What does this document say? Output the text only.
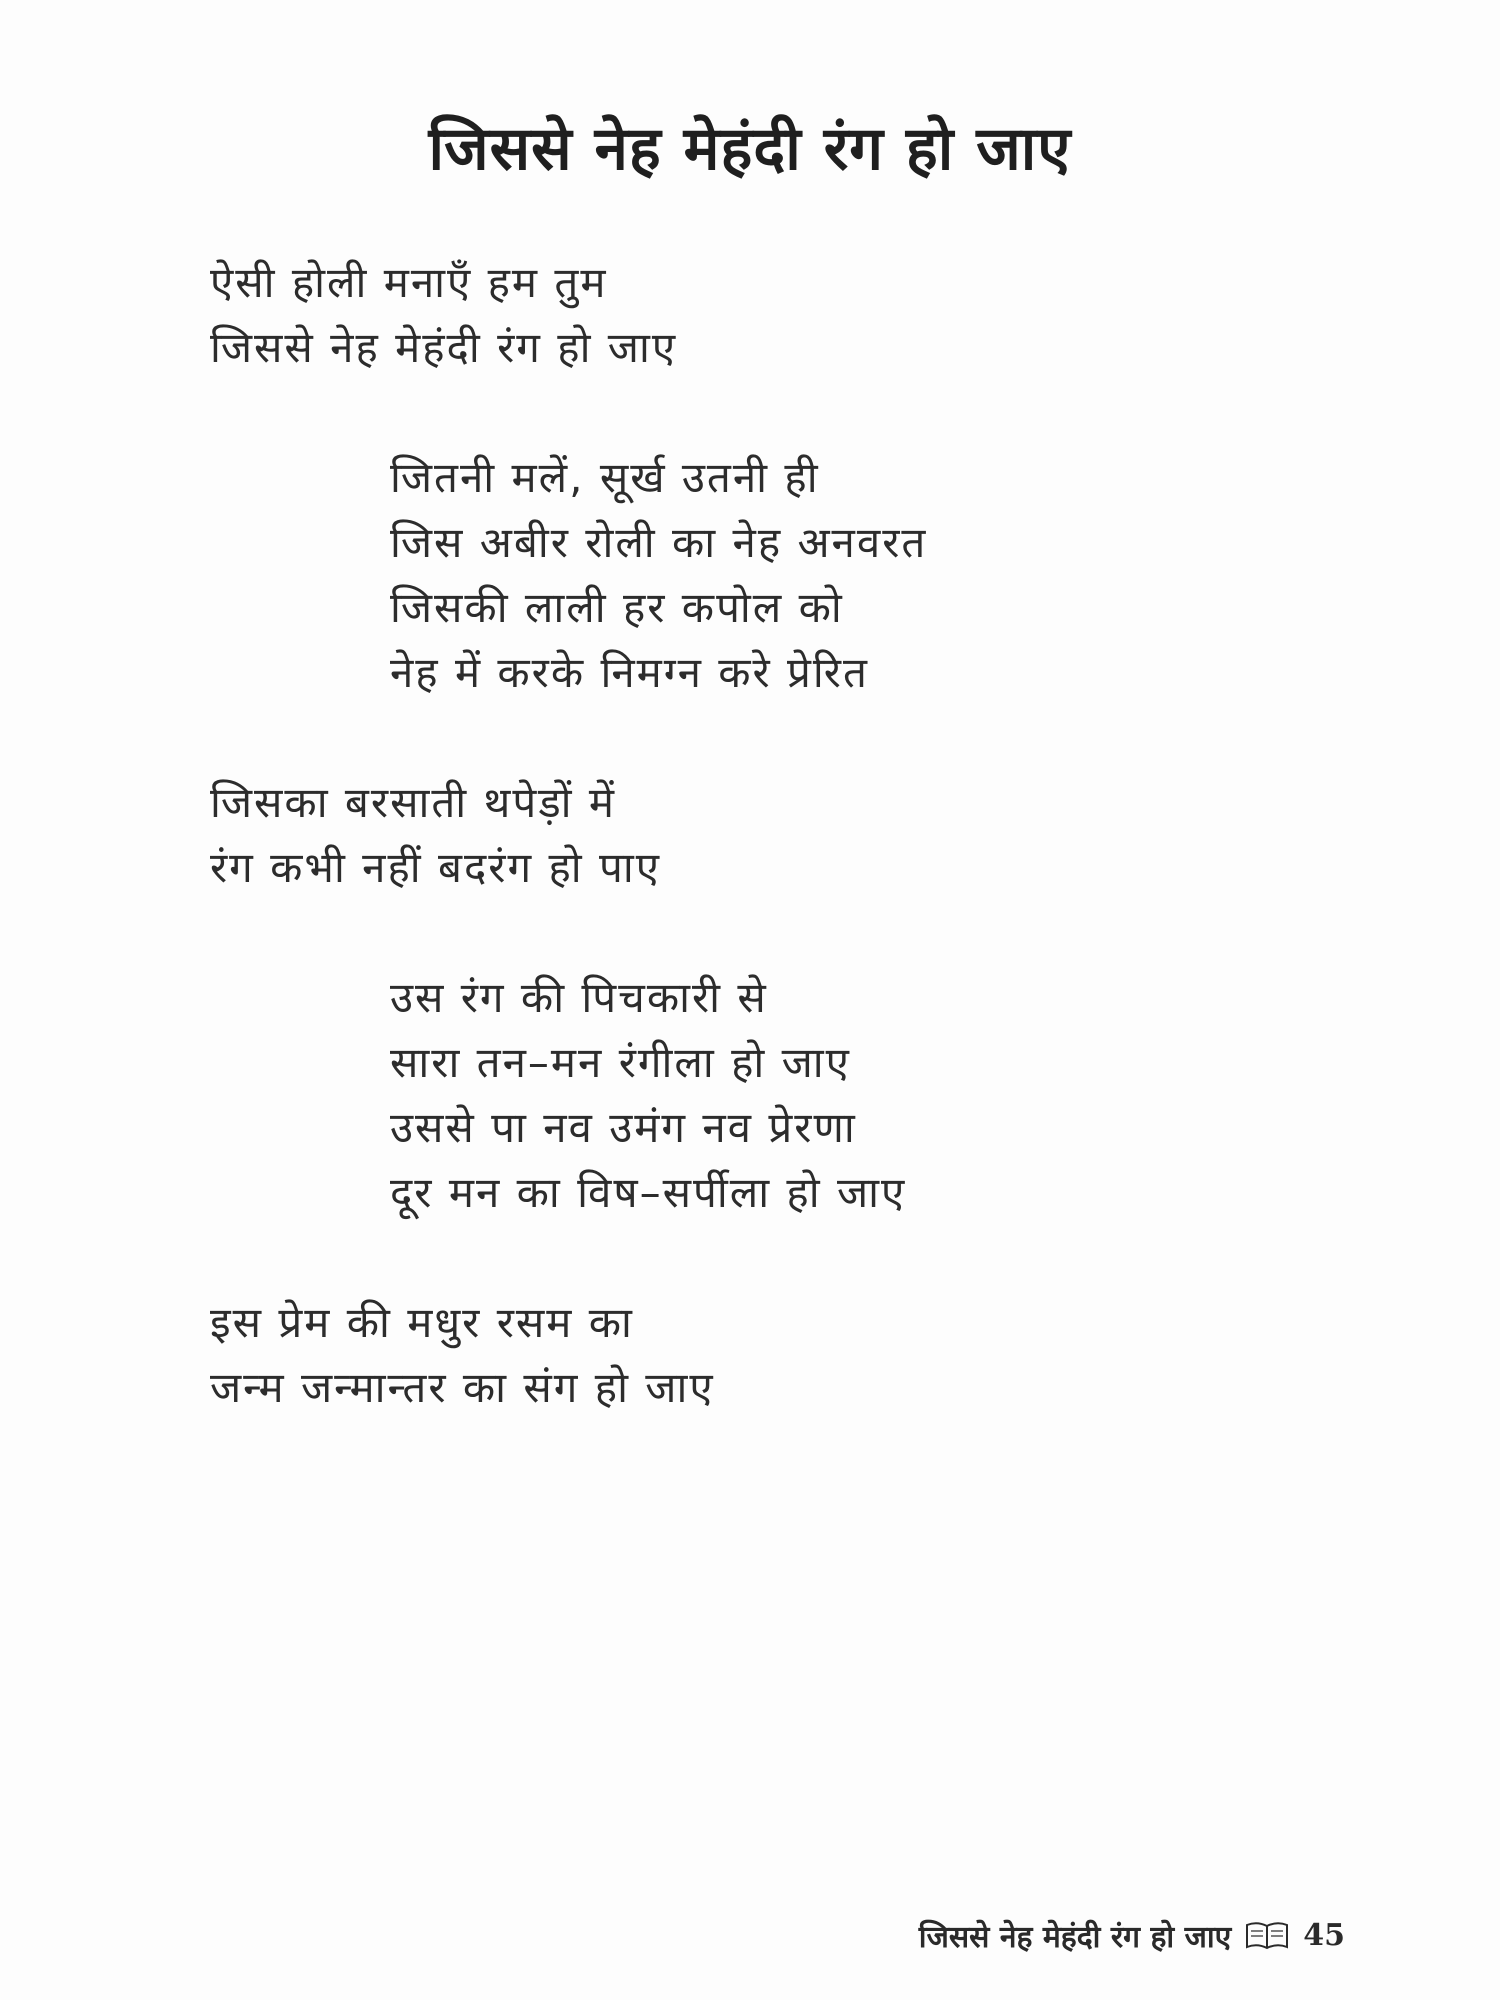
जिससे नेह मेहंदी रंग हो जाए
ऐसी होली मनाएँ हम तुम
जिससे नेह मेहंदी रंग हो जाए
जितनी मलें, सूर्ख उतनी ही
जिस अबीर रोली का नेह अनवरत
जिसकी लाली हर कपोल को
नेह में करके निमग्न करे प्रेरित
जिसका बरसाती थपेड़ों में
रंग कभी नहीं बदरंग हो पाए
उस रंग की पिचकारी से
सारा तन–मन रंगीला हो जाए
उससे पा नव उमंग नव प्रेरणा
दूर मन का विष–सर्पीला हो जाए
इस प्रेम की मधुर रसम का
जन्म जन्मान्तर का संग हो जाए
जिससे नेह मेहंदी रंग हो जाए 45
